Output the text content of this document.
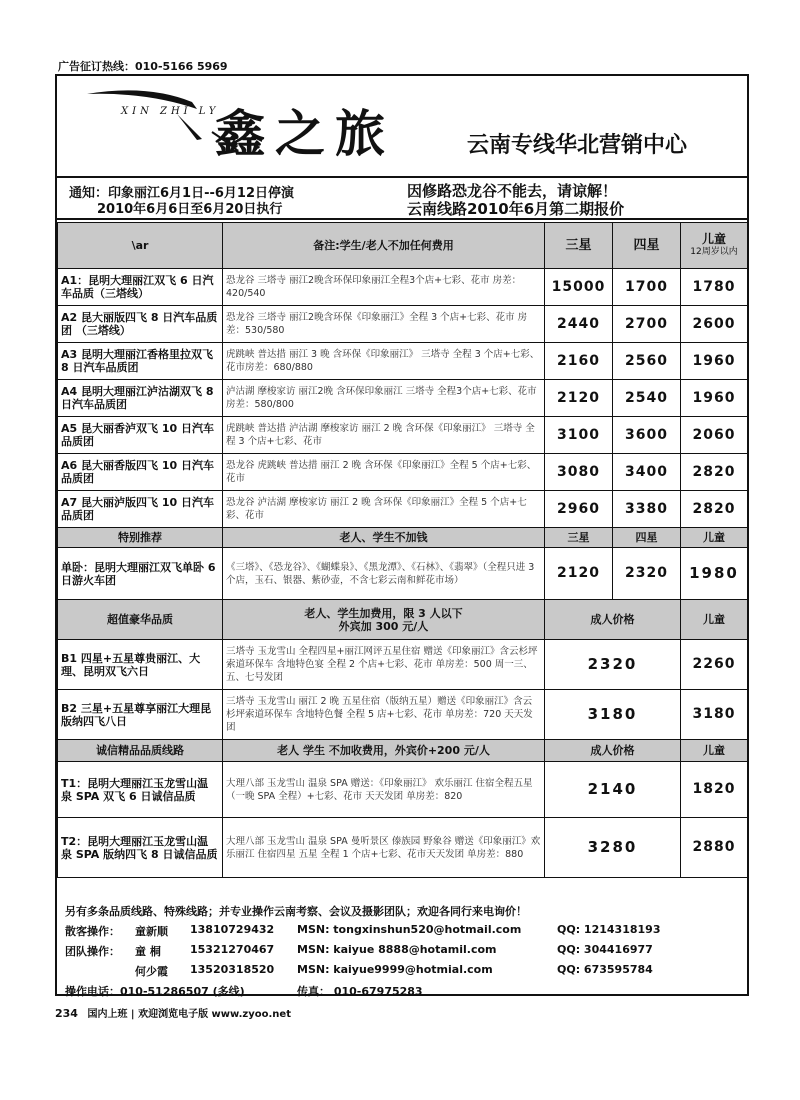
广告征订热线：010-5166 5969
XIN ZHI LY
鑫之旅	云南专线华北营销中心
通知：印象丽江6月1日--6月12日停演
2010年6月6日至6月20日执行
因修路恐龙谷不能去，请谅解！
云南线路2010年6月第二期报价
\ar	备注:学生/老人不加任何费用	三星	四星	儿童
12周岁以内

A1：昆明大理丽江双飞 6 日汽车品质（三塔线）	恐龙谷 三塔寺 丽江2晚含环保印象丽江全程3个店+七彩、花市 房差：420/540	15000	1700	1780
A2 昆大丽版四飞 8 日汽车品质团 （三塔线）	恐龙谷 三塔寺 丽江2晚含环保《印象丽江》全程 3 个店+七彩、花市 房差：530/580	2440	2700	2600
A3 昆明大理丽江香格里拉双飞 8 日汽车品质团	虎跳峡 普达措 丽江 3 晚 含环保《印象丽江》 三塔寺 全程 3 个店+七彩、花市房差：680/880	2160	2560	1960
A4 昆明大理丽江泸沽湖双飞 8 日汽车品质团	泸沽湖 摩梭家访 丽江2晚 含环保印象丽江 三塔寺 全程3个店+七彩、花市 房差：580/800	2120	2540	1960
A5 昆大丽香泸双飞 10 日汽车品质团	虎跳峡 普达措 泸沽湖 摩梭家访 丽江 2 晚 含环保《印象丽江》 三塔寺 全程 3 个店+七彩、花市	3100	3600	2060
A6 昆大丽香版四飞 10 日汽车品质团	恐龙谷 虎跳峡 普达措 丽江 2 晚 含环保《印象丽江》全程 5 个店+七彩、花市	3080	3400	2820
A7 昆大丽泸版四飞 10 日汽车品质团	恐龙谷 泸沽湖 摩梭家访 丽江 2 晚 含环保《印象丽江》全程 5 个店+七彩、花市	2960	3380	2820
特别推荐	老人、学生不加钱	三星	四星	儿童
单卧：昆明大理丽江双飞单卧 6 日游火车团	《三塔》、《恐龙谷》、《蝴蝶泉》、《黑龙潭》、《石林》、《翡翠》（全程只进 3 个店，玉石、银器、紫砂壶，不含七彩云南和鲜花市场）	2120	2320	1980
超值豪华品质	老人、学生加费用，限 3 人以下
外宾加 300 元/人	成人价格		儿童
B1 四星+五星尊贵丽江、大理、昆明双飞六日	三塔寺 玉龙雪山 全程四星+丽江网评五星住宿 赠送《印象丽江》含云杉坪索道环保车 含地特色宴 全程 2 个店+七彩、花市 单房差：500 周一三、五、七号发团	2320		2260
B2 三星+五星尊享丽江大理昆版纳四飞八日	三塔寺 玉龙雪山 丽江 2 晚 五星住宿（版纳五星）赠送《印象丽江》含云杉坪索道环保车 含地特色餐 全程 5 店+七彩、花市 单房差：720 天天发团	3180		3180
诚信精品品质线路	老人 学生 不加收费用，外宾价+200 元/人	成人价格		儿童
T1：昆明大理丽江玉龙雪山温泉 SPA 双飞 6 日诚信品质	大理八部 玉龙雪山 温泉 SPA 赠送：《印象丽江》 欢乐丽江 住宿全程五星（一晚 SPA 全程）+七彩、花市 天天发团 单房差：820	2140		1820
T2：昆明大理丽江玉龙雪山温泉 SPA 版纳四飞 8 日诚信品质	大理八部 玉龙雪山 温泉 SPA 曼听景区 傣族园 野象谷 赠送《印象丽江》欢乐丽江 住宿四星 五星 全程 1 个店+七彩、花市天天发团 单房差：880	3280		2880
另有多条品质线路、特殊线路；并专业操作云南考察、会议及摄影团队；欢迎各同行来电询价！
散客操作： 童新顺 13810729432 MSN: tongxinshun520@hotmail.com	QQ: 1214318193
团队操作： 童 桐	15321270467 MSN: kaiyue 8888@hotamil.com	QQ: 304416977
何少霞 13520318520 MSN: kaiyue9999@hotmial.com	QQ: 673595784
操作电话：010-51286507 (多线)	传真： 010-67975283
234 国内上班 | 欢迎浏览电子版 www.zyoo.net
